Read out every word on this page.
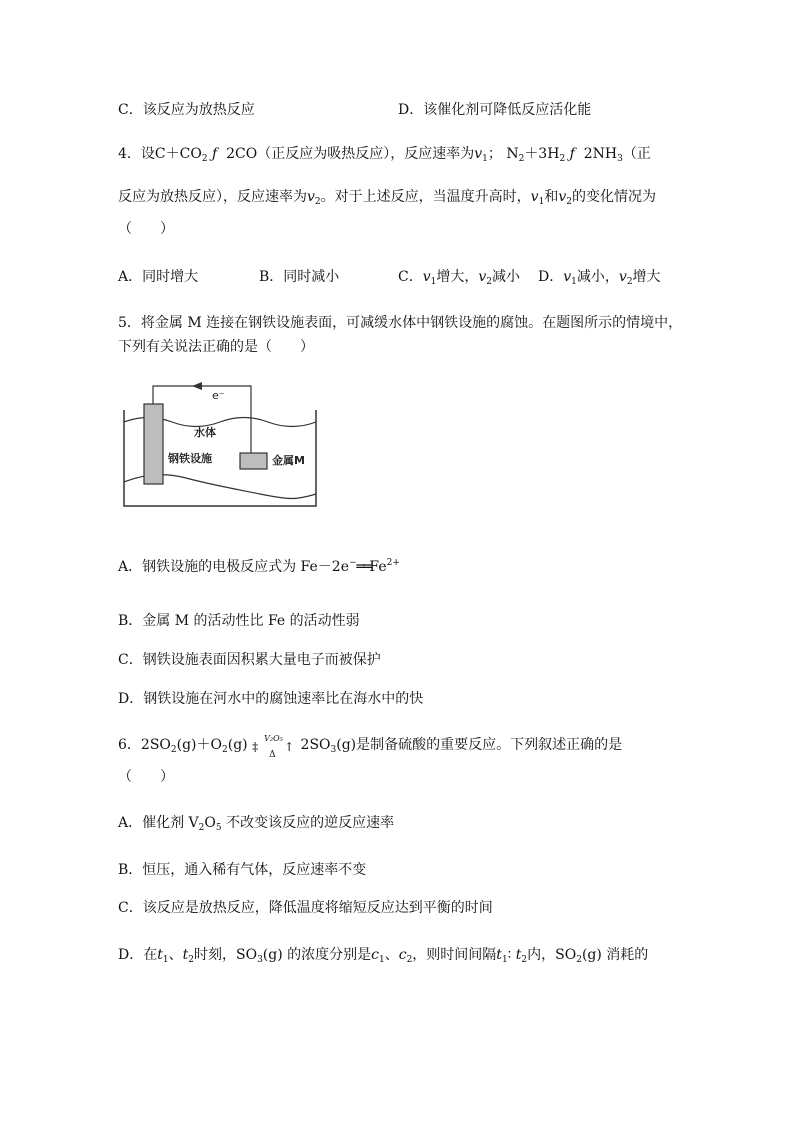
C．该反应为放热反应	D．该催化剂可降低反应活化能
4．设$C+CO_2$ ƒ 2CO（正反应为吸热反应），反应速率为$v_1$； $N_2+3H_2$ ƒ $2NH_3$（正
反应为放热反应），反应速率为$v_2$。对于上述反应，当温度升高时，$v_1$和$v_2$的变化情况为
（　　）
A．同时增大	B．同时减小	C．$v_1$增大，$v_2$减小 D．$v_1$减小，$v_2$增大
5．将金属 M 连接在钢铁设施表面，可减缓水体中钢铁设施的腐蚀。在题图所示的情境中，
下列有关说法正确的是（　　）
e⁻
水体
钢铁设施	金属M
A．钢铁设施的电极反应式为 $Fe-2e^-══Fe^{2+}$
B．金属 M 的活动性比 Fe 的活动性弱
C．钢铁设施表面因积累大量电子而被保护
D．钢铁设施在河水中的腐蚀速率比在海水中的快
6．$2SO_2(g)+O_2(g)$ ‡
V₂O₅
Δ
↑ $2SO_3(g)$是制备硫酸的重要反应。下列叙述正确的是
（　　）
A．催化剂 $V_2O_5$ 不改变该反应的逆反应速率
B．恒压，通入稀有气体，反应速率不变
C．该反应是放热反应，降低温度将缩短反应达到平衡的时间
D．在$t_1$、$t_2$时刻，$SO_3(g)$ 的浓度分别是$c_1$、$c_2$，则时间间隔$t_1∶$ $t_2$内，$SO_2(g)$ 消耗的
